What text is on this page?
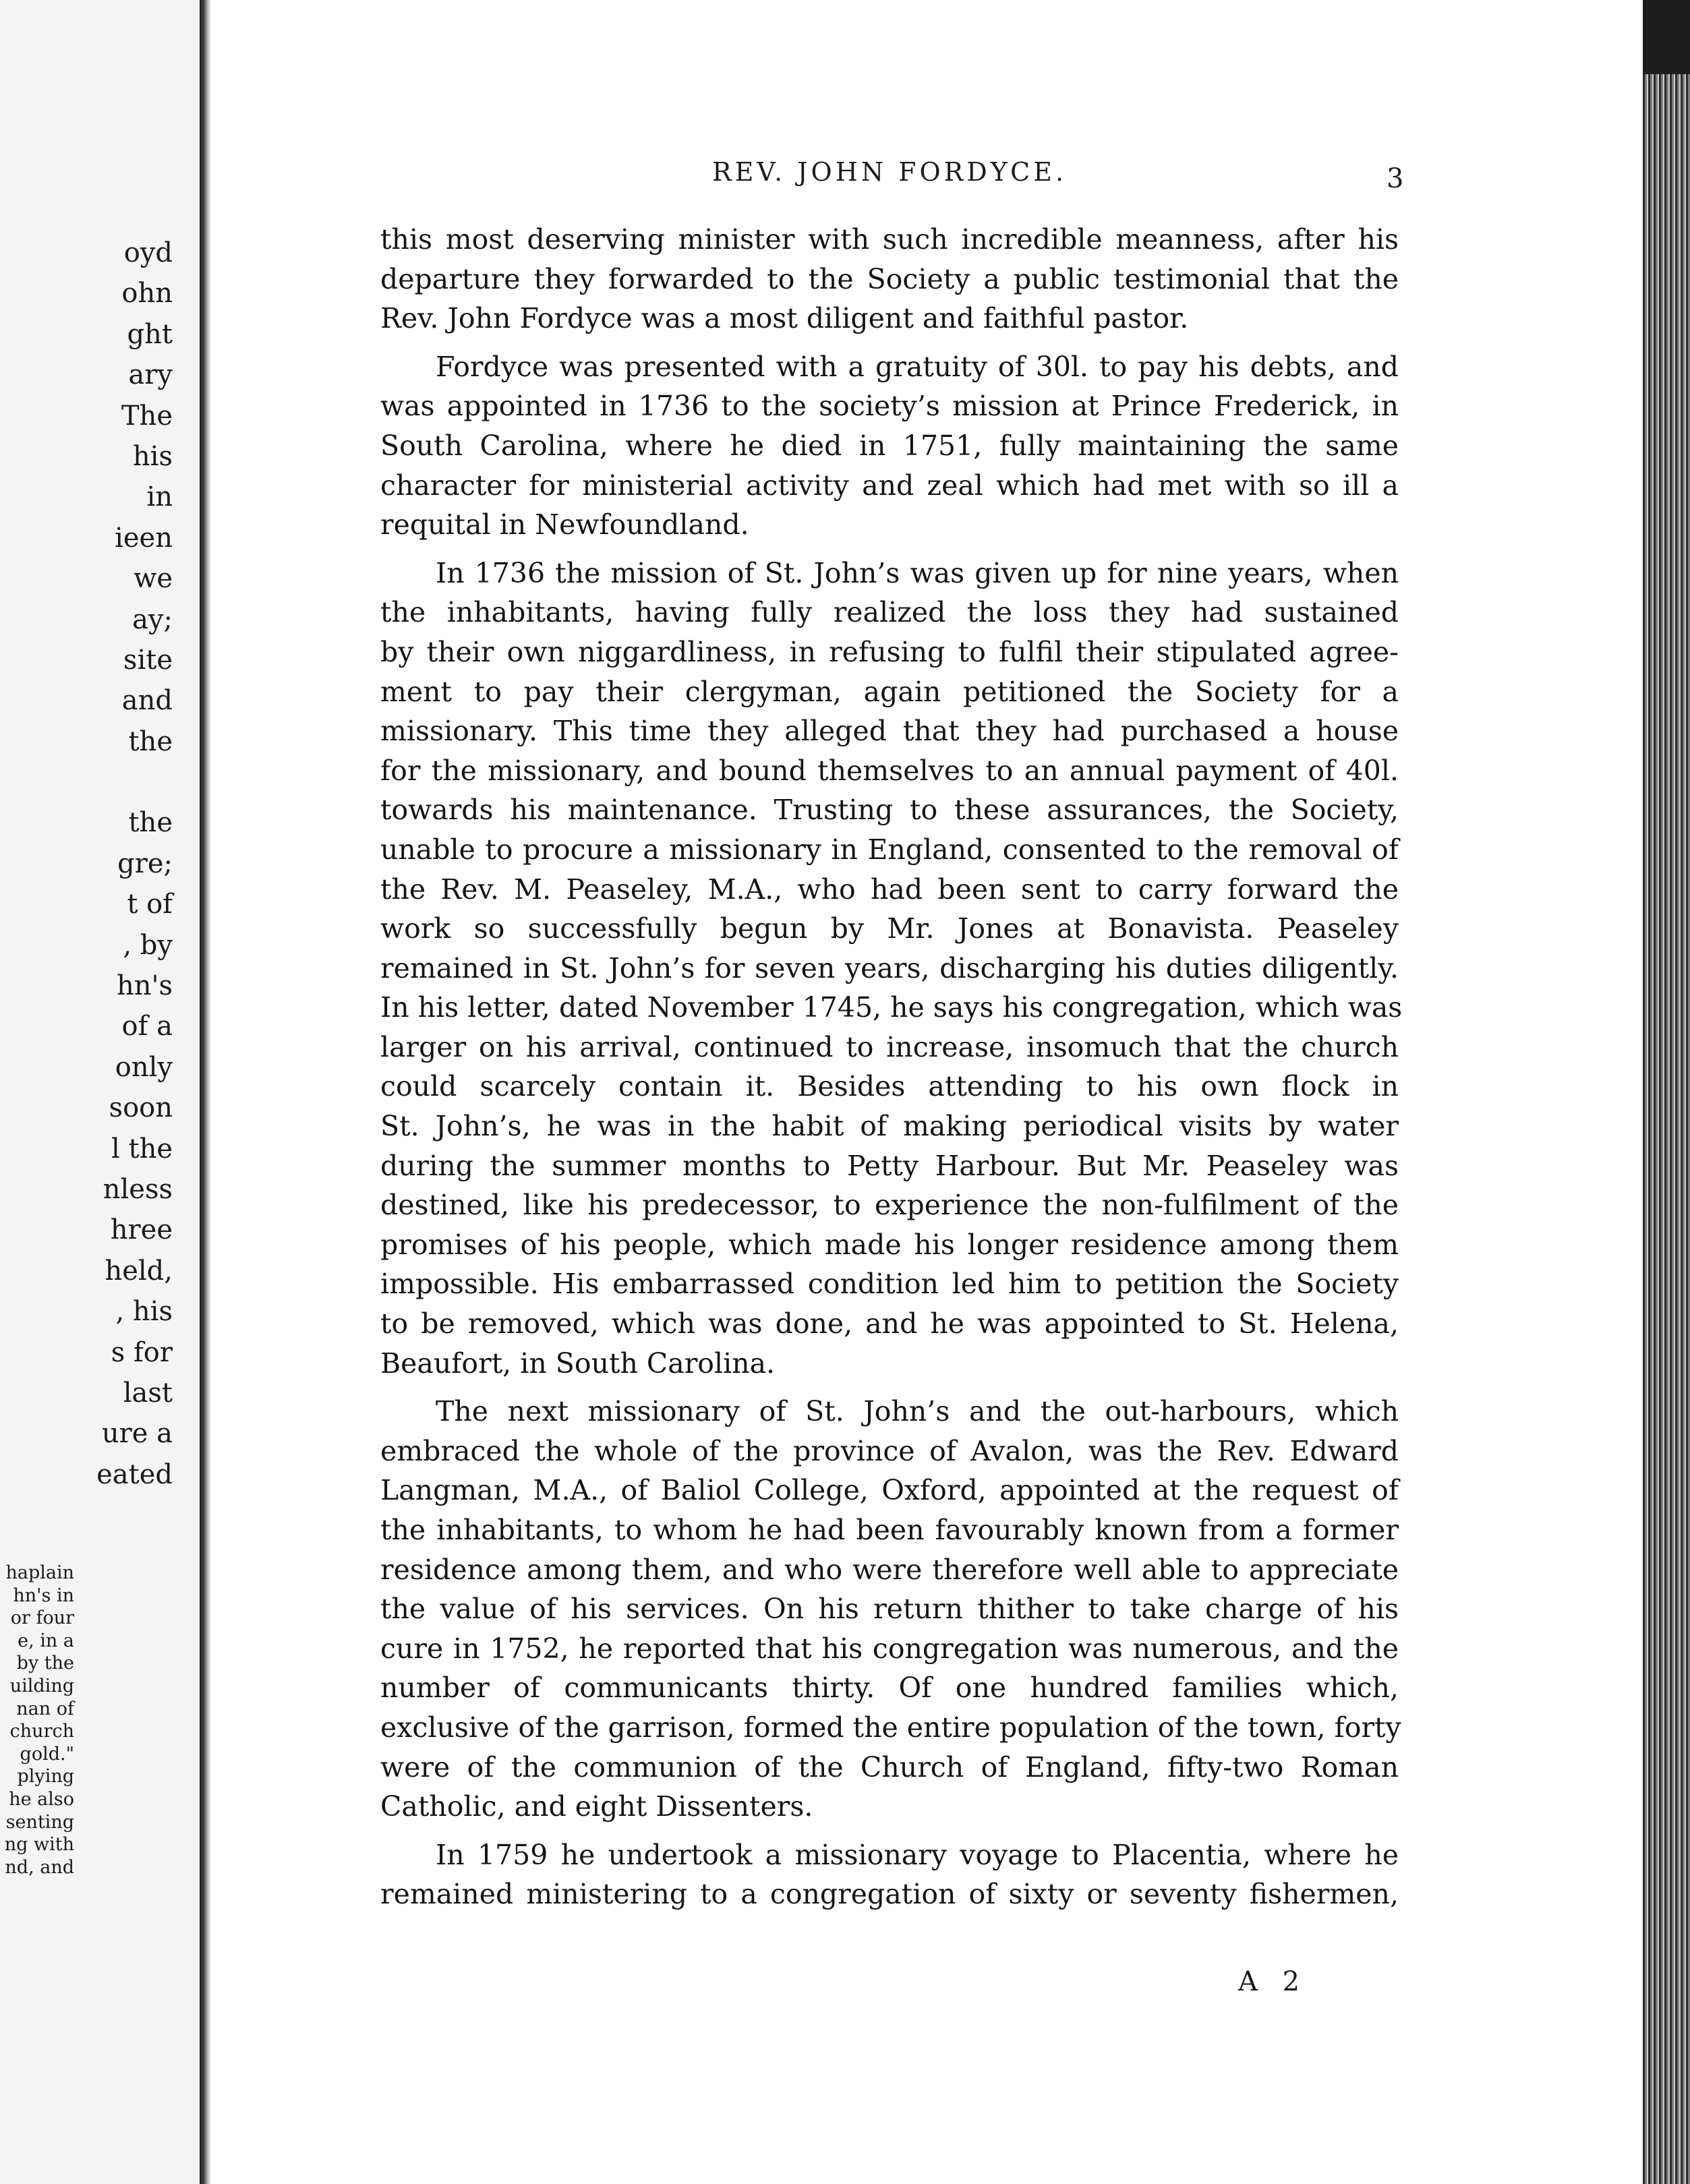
oyd
ohn
ght
ary
The
his
in
ieen
we
ay;
site
and
the
the
gre;
t of
, by
hn's
of a
only
soon
l the
nless
hree
held,
, his
s for
last
ure a
eated
haplain
hn's in
or four
e, in a
by the
uilding
nan of
church
gold."
plying
he also
senting
ng with
nd, and
REV. JOHN FORDYCE.	3
this most deserving minister with such incredible meanness, after his
departure they forwarded to the Society a public testimonial that the
Rev. John Fordyce was a most diligent and faithful pastor.
Fordyce was presented with a gratuity of 30l. to pay his debts, and
was appointed in 1736 to the society’s mission at Prince Frederick, in
South Carolina, where he died in 1751, fully maintaining the same
character for ministerial activity and zeal which had met with so ill a
requital in Newfoundland.
In 1736 the mission of St. John’s was given up for nine years, when
the inhabitants, having fully realized the loss they had sustained
by their own niggardliness, in refusing to fulfil their stipulated agree-
ment to pay their clergyman, again petitioned the Society for a
missionary. This time they alleged that they had purchased a house
for the missionary, and bound themselves to an annual payment of 40l.
towards his maintenance. Trusting to these assurances, the Society,
unable to procure a missionary in England, consented to the removal of
the Rev. M. Peaseley, M.A., who had been sent to carry forward the
work so successfully begun by Mr. Jones at Bonavista. Peaseley
remained in St. John’s for seven years, discharging his duties diligently.
In his letter, dated November 1745, he says his congregation, which was
larger on his arrival, continued to increase, insomuch that the church
could scarcely contain it. Besides attending to his own flock in
St. John’s, he was in the habit of making periodical visits by water
during the summer months to Petty Harbour. But Mr. Peaseley was
destined, like his predecessor, to experience the non-fulfilment of the
promises of his people, which made his longer residence among them
impossible. His embarrassed condition led him to petition the Society
to be removed, which was done, and he was appointed to St. Helena,
Beaufort, in South Carolina.
The next missionary of St. John’s and the out-harbours, which
embraced the whole of the province of Avalon, was the Rev. Edward
Langman, M.A., of Baliol College, Oxford, appointed at the request of
the inhabitants, to whom he had been favourably known from a former
residence among them, and who were therefore well able to appreciate
the value of his services. On his return thither to take charge of his
cure in 1752, he reported that his congregation was numerous, and the
number of communicants thirty. Of one hundred families which,
exclusive of the garrison, formed the entire population of the town, forty
were of the communion of the Church of England, fifty-two Roman
Catholic, and eight Dissenters.
In 1759 he undertook a missionary voyage to Placentia, where he
remained ministering to a congregation of sixty or seventy fishermen,
A 2
